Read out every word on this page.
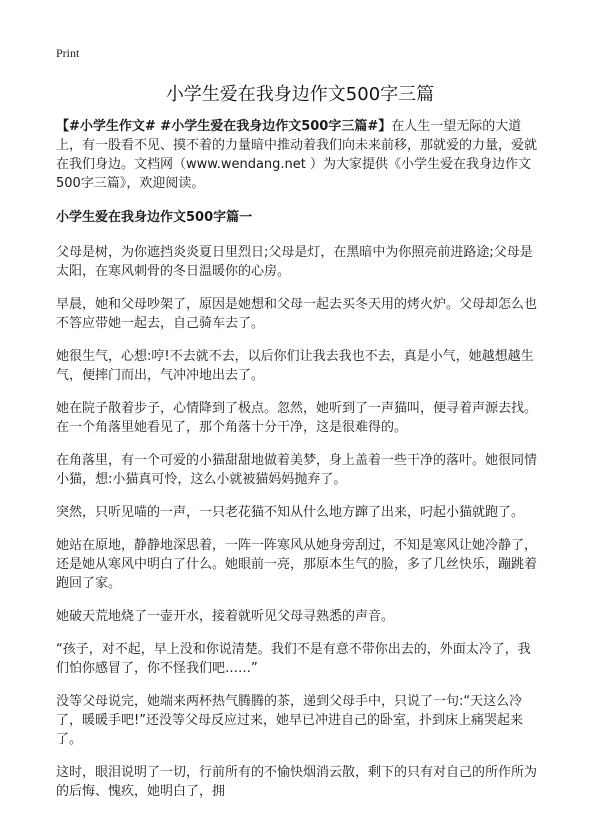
Print
小学生爱在我身边作文500字三篇

【#小学生作文# #小学生爱在我身边作文500字三篇#】在人生一望无际的大道上，有一股看不见、摸不着的力量暗中推动着我们向未来前移，那就爱的力量，爱就在我们身边。文档网（www.wendang.net ）为大家提供《小学生爱在我身边作文500字三篇》，欢迎阅读。

小学生爱在我身边作文500字篇一

父母是树，为你遮挡炎炎夏日里烈日;父母是灯，在黑暗中为你照亮前进路途;父母是太阳，在寒风刺骨的冬日温暖你的心房。

早晨，她和父母吵架了，原因是她想和父母一起去买冬天用的烤火炉。父母却怎么也不答应带她一起去，自己骑车去了。

她很生气，心想:哼!不去就不去，以后你们让我去我也不去，真是小气，她越想越生气，便摔门而出，气冲冲地出去了。

她在院子散着步子，心情降到了极点。忽然，她听到了一声猫叫，便寻着声源去找。在一个角落里她看见了，那个角落十分干净，这是很难得的。

在角落里，有一个可爱的小猫甜甜地做着美梦，身上盖着一些干净的落叶。她很同情小猫，想:小猫真可怜，这么小就被猫妈妈抛弃了。

突然，只听见喵的一声，一只老花猫不知从什么地方蹿了出来，叼起小猫就跑了。

她站在原地，静静地深思着，一阵一阵寒风从她身旁刮过，不知是寒风让她冷静了，还是她从寒风中明白了什么。她眼前一亮，那原本生气的脸，多了几丝快乐，蹦跳着跑回了家。

她破天荒地烧了一壶开水，接着就听见父母寻熟悉的声音。

“孩子，对不起，早上没和你说清楚。我们不是有意不带你出去的，外面太冷了，我们怕你感冒了，你不怪我们吧……”

没等父母说完，她端来两杯热气腾腾的茶，递到父母手中，只说了一句:“天这么冷了，暖暖手吧!”还没等父母反应过来，她早已冲进自己的卧室，扑到床上痛哭起来了。

这时，眼泪说明了一切，行前所有的不愉快烟消云散，剩下的只有对自己的所作所为的后悔、愧疚，她明白了，拥
